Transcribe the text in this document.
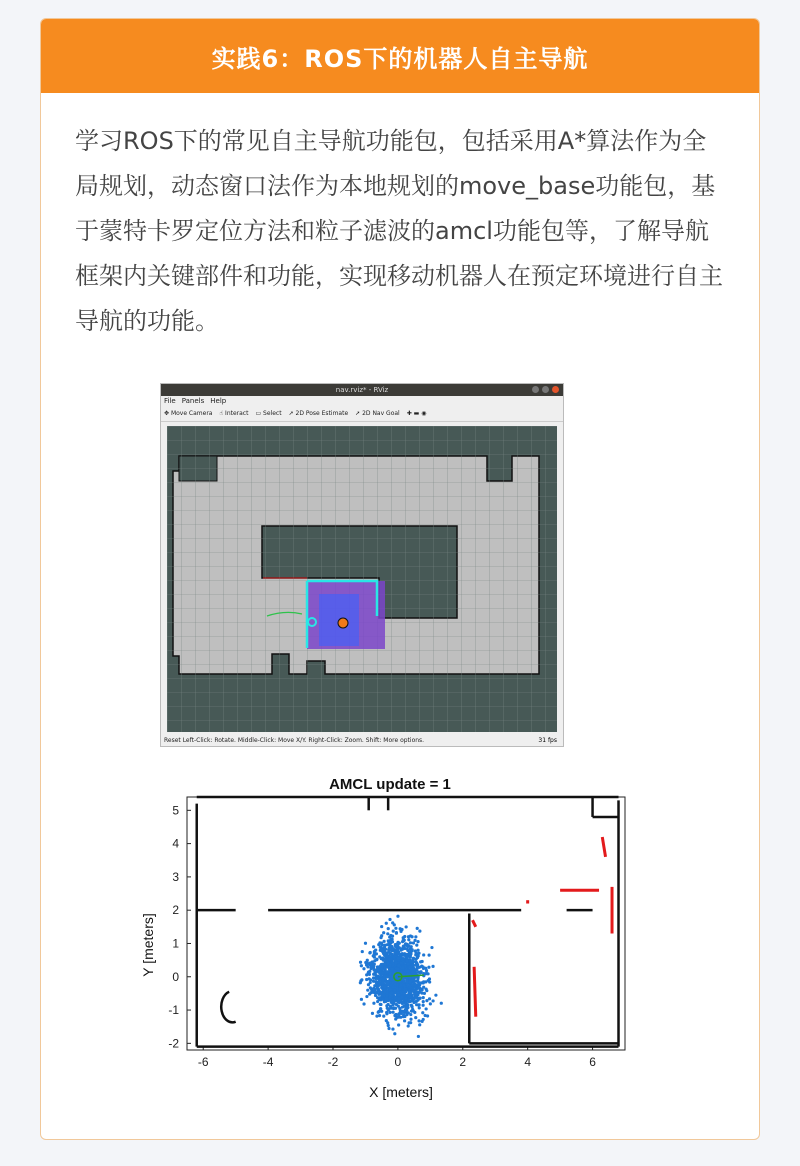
实践6：ROS下的机器人自主导航
学习ROS下的常见自主导航功能包，包括采用A*算法作为全局规划，动态窗口法作为本地规划的move_base功能包，基于蒙特卡罗定位方法和粒子滤波的amcl功能包等，了解导航框架内关键部件和功能，实现移动机器人在预定环境进行自主导航的功能。
nav.rviz* - RViz
File Panels Help
✥ Move Camera ☝ Interact ▭ Select ➚ 2D Pose Estimate ➚ 2D Nav Goal ✚ ▬ ◉
Reset Left-Click: Rotate. Middle-Click: Move X/Y. Right-Click: Zoom. Shift: More options.	31 fps
AMCL update = 1
-6	-4	-2	0	2	4	6
-2
-1
0
1
2
3
4
5
X [meters]
Y [meters]
